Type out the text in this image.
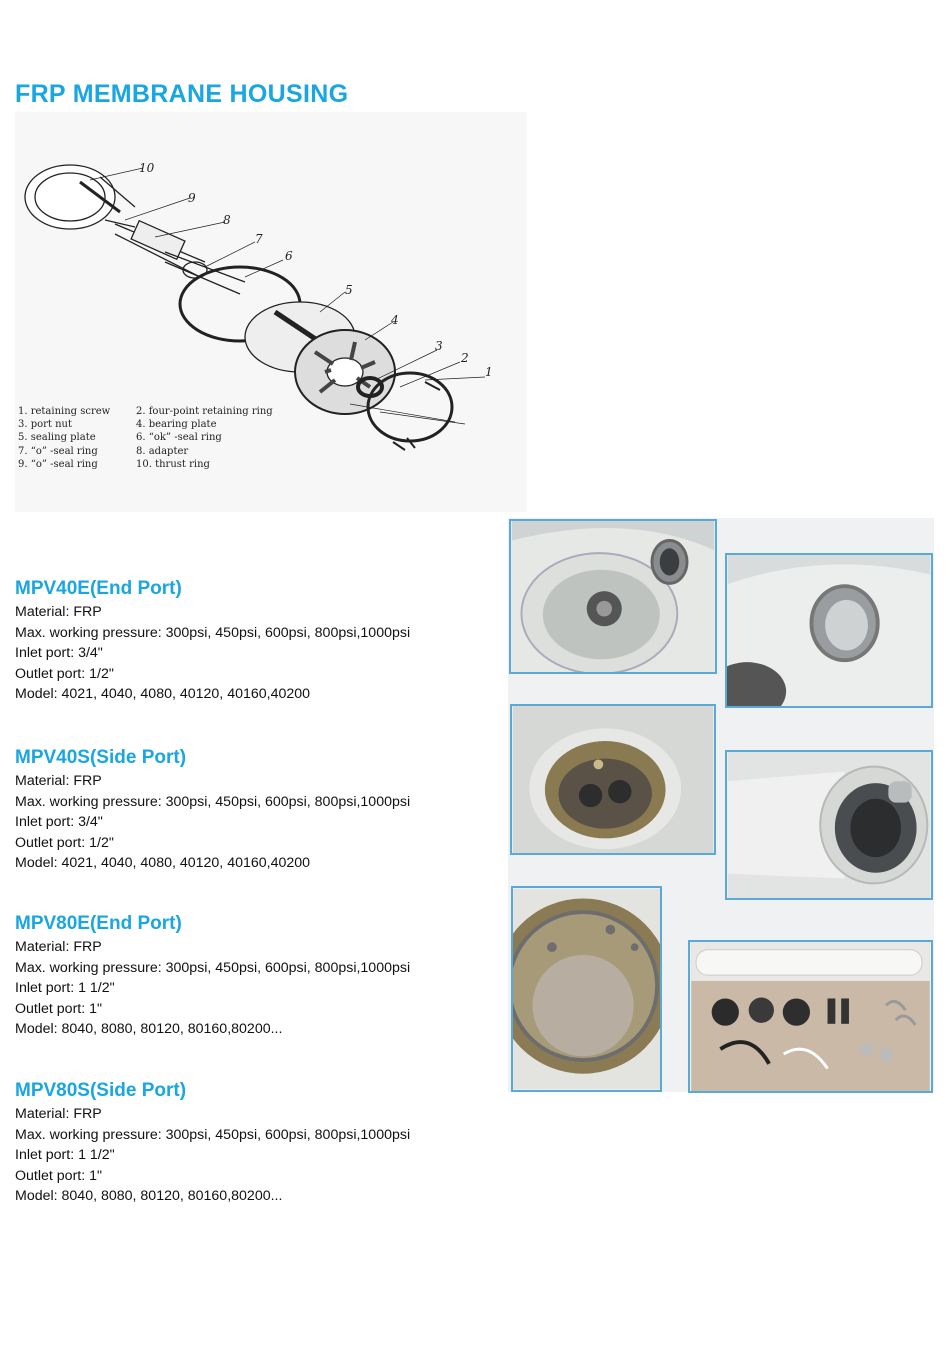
FRP MEMBRANE HOUSING
10
9
8
7
6
5
4
3
2
1
1. retaining screw	2. four-point retaining ring
3. port nut	4. bearing plate
5. sealing plate	6. “ok” -seal ring
7. “o” -seal ring	8. adapter
9. “o” -seal ring	10. thrust ring
MPV40E(End Port)
Material: FRP
Max. working pressure: 300psi, 450psi, 600psi, 800psi,1000psi
Inlet port: 3/4"
Outlet port: 1/2"
Model: 4021, 4040, 4080, 40120, 40160,40200
MPV40S(Side Port)
Material: FRP
Max. working pressure: 300psi, 450psi, 600psi, 800psi,1000psi
Inlet port: 3/4"
Outlet port: 1/2"
Model: 4021, 4040, 4080, 40120, 40160,40200
MPV80E(End Port)
Material: FRP
Max. working pressure: 300psi, 450psi, 600psi, 800psi,1000psi
Inlet port: 1 1/2"
Outlet port: 1"
Model: 8040, 8080, 80120, 80160,80200...
MPV80S(Side Port)
Material: FRP
Max. working pressure: 300psi, 450psi, 600psi, 800psi,1000psi
Inlet port: 1 1/2"
Outlet port: 1"
Model: 8040, 8080, 80120, 80160,80200...
